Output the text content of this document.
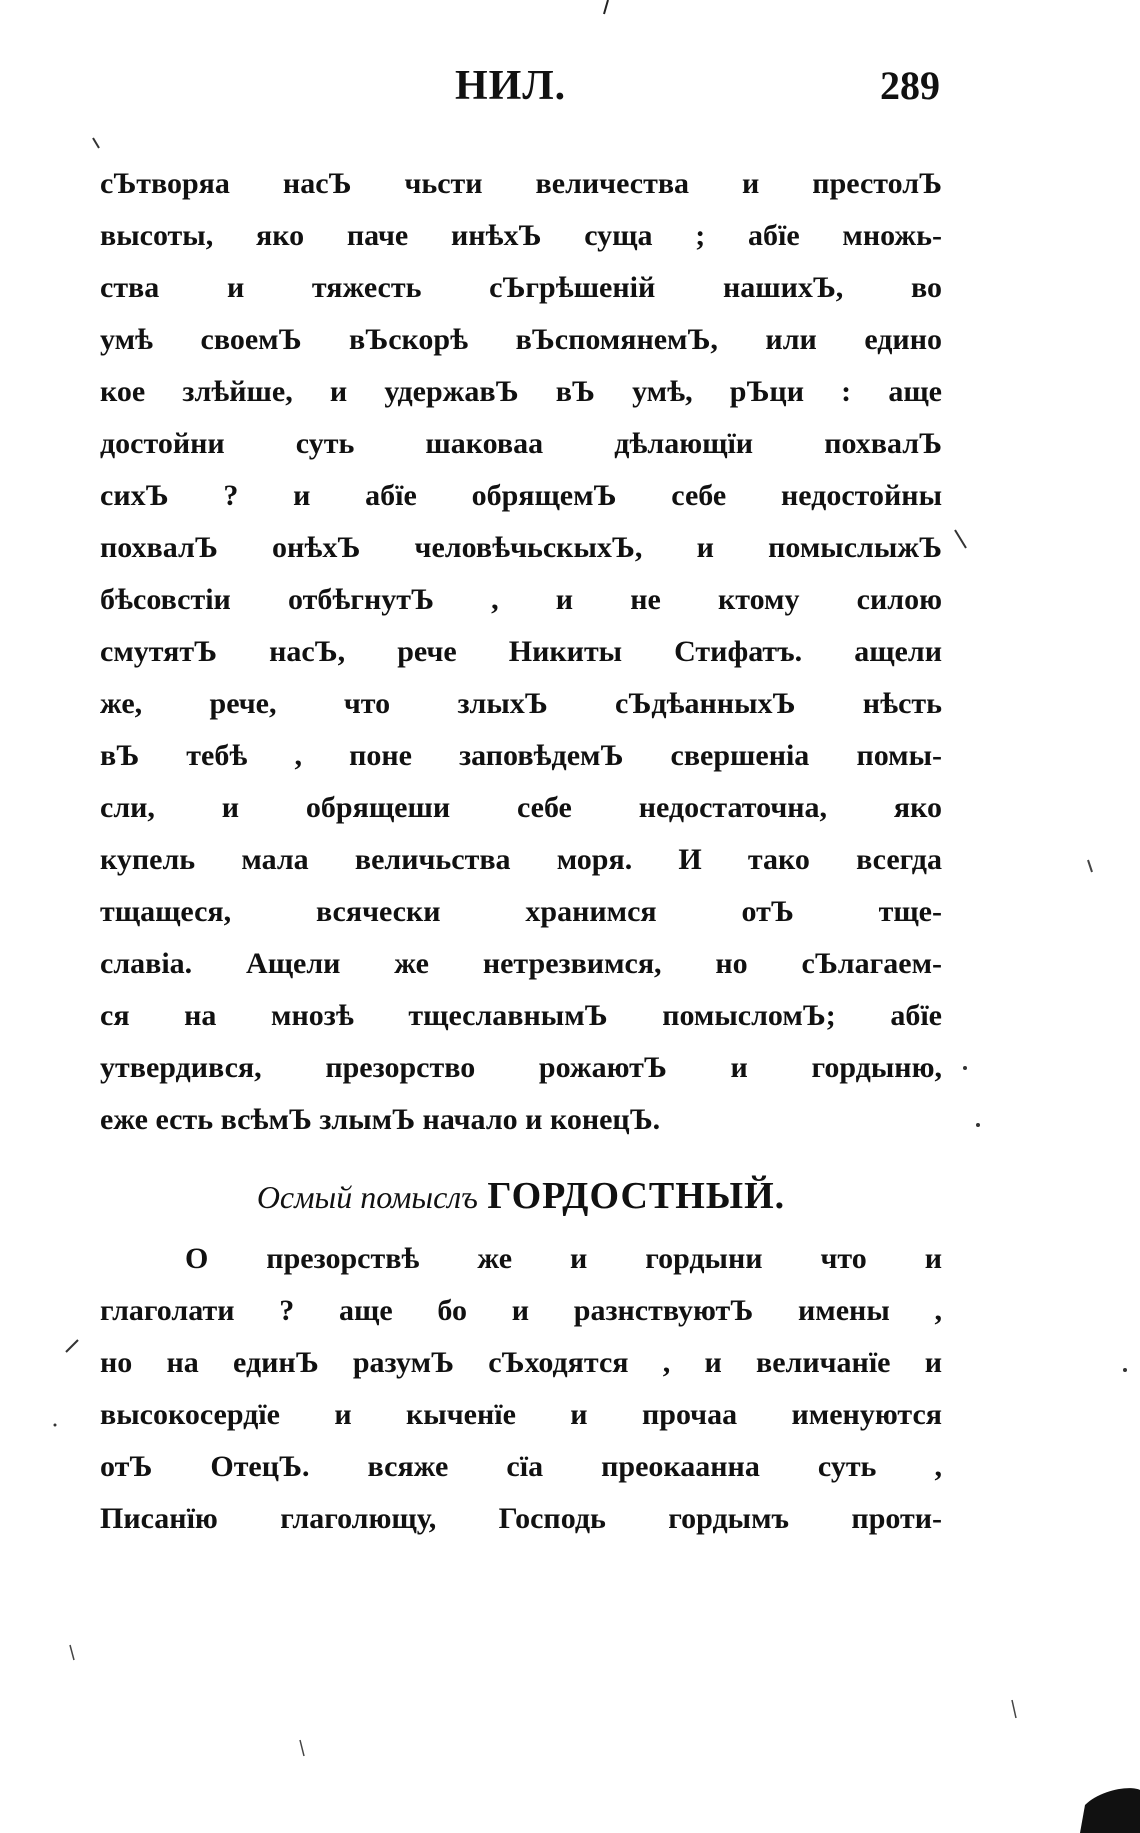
НИЛ.	289
сЪтворяа насЪ чьсти величества и престолЪ
высоты, яко паче инѣхЪ суща ; абïе множь-
ства и тяжесть сЪгрѣшенiй нашихЪ, во
умѣ своемЪ вЪскорѣ вЪспомянемЪ, или едино
кое злѣйше, и удержавЪ вЪ умѣ, рЪци : аще
достойни суть шаковаа дѣлающïи похвалЪ
сихЪ ? и абïе обрящемЪ себе недостойны
похвалЪ онѣхЪ человѣчьскыхЪ, и помыслыжЪ
бѣсовстiи отбѣгнутЪ , и не ктому силою
смутятЪ насЪ, рече Никиты Стифатъ. ащели
же, рече, что злыхЪ сЪдѣанныхЪ нѣсть
вЪ тебѣ , поне заповѣдемЪ свершенiа помы-
сли, и обрящеши себе недостаточна, яко
купель мала величьства моря. И тако всегда
тщащеся, всячески хранимся отЪ тще-
славiа. Ащели же нетрезвимся, но сЪлагаем-
ся на мнозѣ тщеславнымЪ помысломЪ; абïе
утвердився, презорство рожаютЪ и гордыню,
еже есть всѣмЪ злымЪ начало и конецЪ.
Осмый помыслъ ГОРДОСТНЫЙ.
О презорствѣ же и гордыни что и
глаголати ? аще бо и разнствуютЪ имены ,
но на единЪ разумЪ сЪходятся , и величанïе и
высокосердïе и кыченïе и прочаа именуются
отЪ ОтецЪ. всяже сïа преокаанна суть ,
Писанïю глаголющу, Господь гордымъ проти-
